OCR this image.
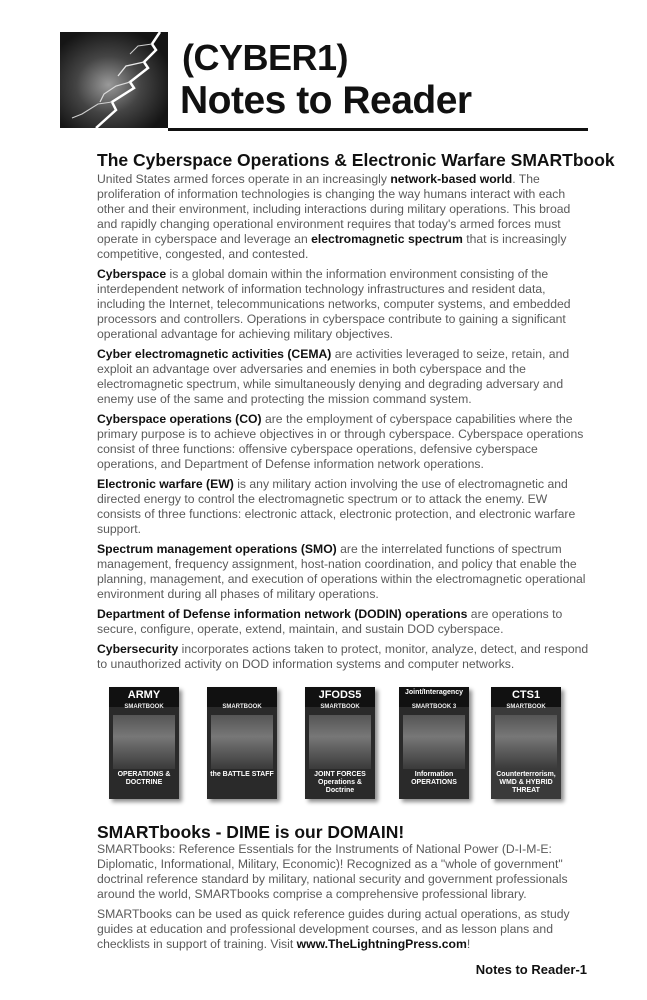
(CYBER1)
Notes to Reader
The Cyberspace Operations & Electronic Warfare SMARTbook

United States armed forces operate in an increasingly network-based world. The proliferation of information technologies is changing the way humans interact with each other and their environment, including interactions during military operations. This broad and rapidly changing operational environment requires that today's armed forces must operate in cyberspace and leverage an electromagnetic spectrum that is increasingly competitive, congested, and contested.

Cyberspace is a global domain within the information environment consisting of the interdependent network of information technology infrastructures and resident data, including the Internet, telecommunications networks, computer systems, and embedded processors and controllers. Operations in cyberspace contribute to gaining a significant operational advantage for achieving military objectives.

Cyber electromagnetic activities (CEMA) are activities leveraged to seize, retain, and exploit an advantage over adversaries and enemies in both cyberspace and the electromagnetic spectrum, while simultaneously denying and degrading adversary and enemy use of the same and protecting the mission command system.

Cyberspace operations (CO) are the employment of cyberspace capabilities where the primary purpose is to achieve objectives in or through cyberspace. Cyberspace operations consist of three functions: offensive cyberspace operations, defensive cyberspace operations, and Department of Defense information network operations.

Electronic warfare (EW) is any military action involving the use of electromagnetic and directed energy to control the electromagnetic spectrum or to attack the enemy. EW consists of three functions: electronic attack, electronic protection, and electronic warfare support.

Spectrum management operations (SMO) are the interrelated functions of spectrum management, frequency assignment, host-nation coordination, and policy that enable the planning, management, and execution of operations within the electromagnetic operational environment during all phases of military operations.

Department of Defense information network (DODIN) operations are operations to secure, configure, operate, extend, maintain, and sustain DOD cyberspace.

Cybersecurity incorporates actions taken to protect, monitor, analyze, detect, and respond to unauthorized activity on DOD information systems and computer networks.

ARMY
SMARTBOOK
OPERATIONS & DOCTRINE
SMARTBOOK
the BATTLE STAFF
JFODS5
SMARTBOOK
JOINT FORCES Operations & Doctrine
Joint/Interagency
SMARTBOOK 3
Information OPERATIONS
CTS1
SMARTBOOK
Counterterrorism, WMD & HYBRID THREAT
SMARTbooks - DIME is our DOMAIN!

SMARTbooks: Reference Essentials for the Instruments of National Power (D-I-M-E: Diplomatic, Informational, Military, Economic)! Recognized as a "whole of government" doctrinal reference standard by military, national security and government professionals around the world, SMARTbooks comprise a comprehensive professional library.

SMARTbooks can be used as quick reference guides during actual operations, as study guides at education and professional development courses, and as lesson plans and checklists in support of training. Visit www.TheLightningPress.com!

Notes to Reader-1
